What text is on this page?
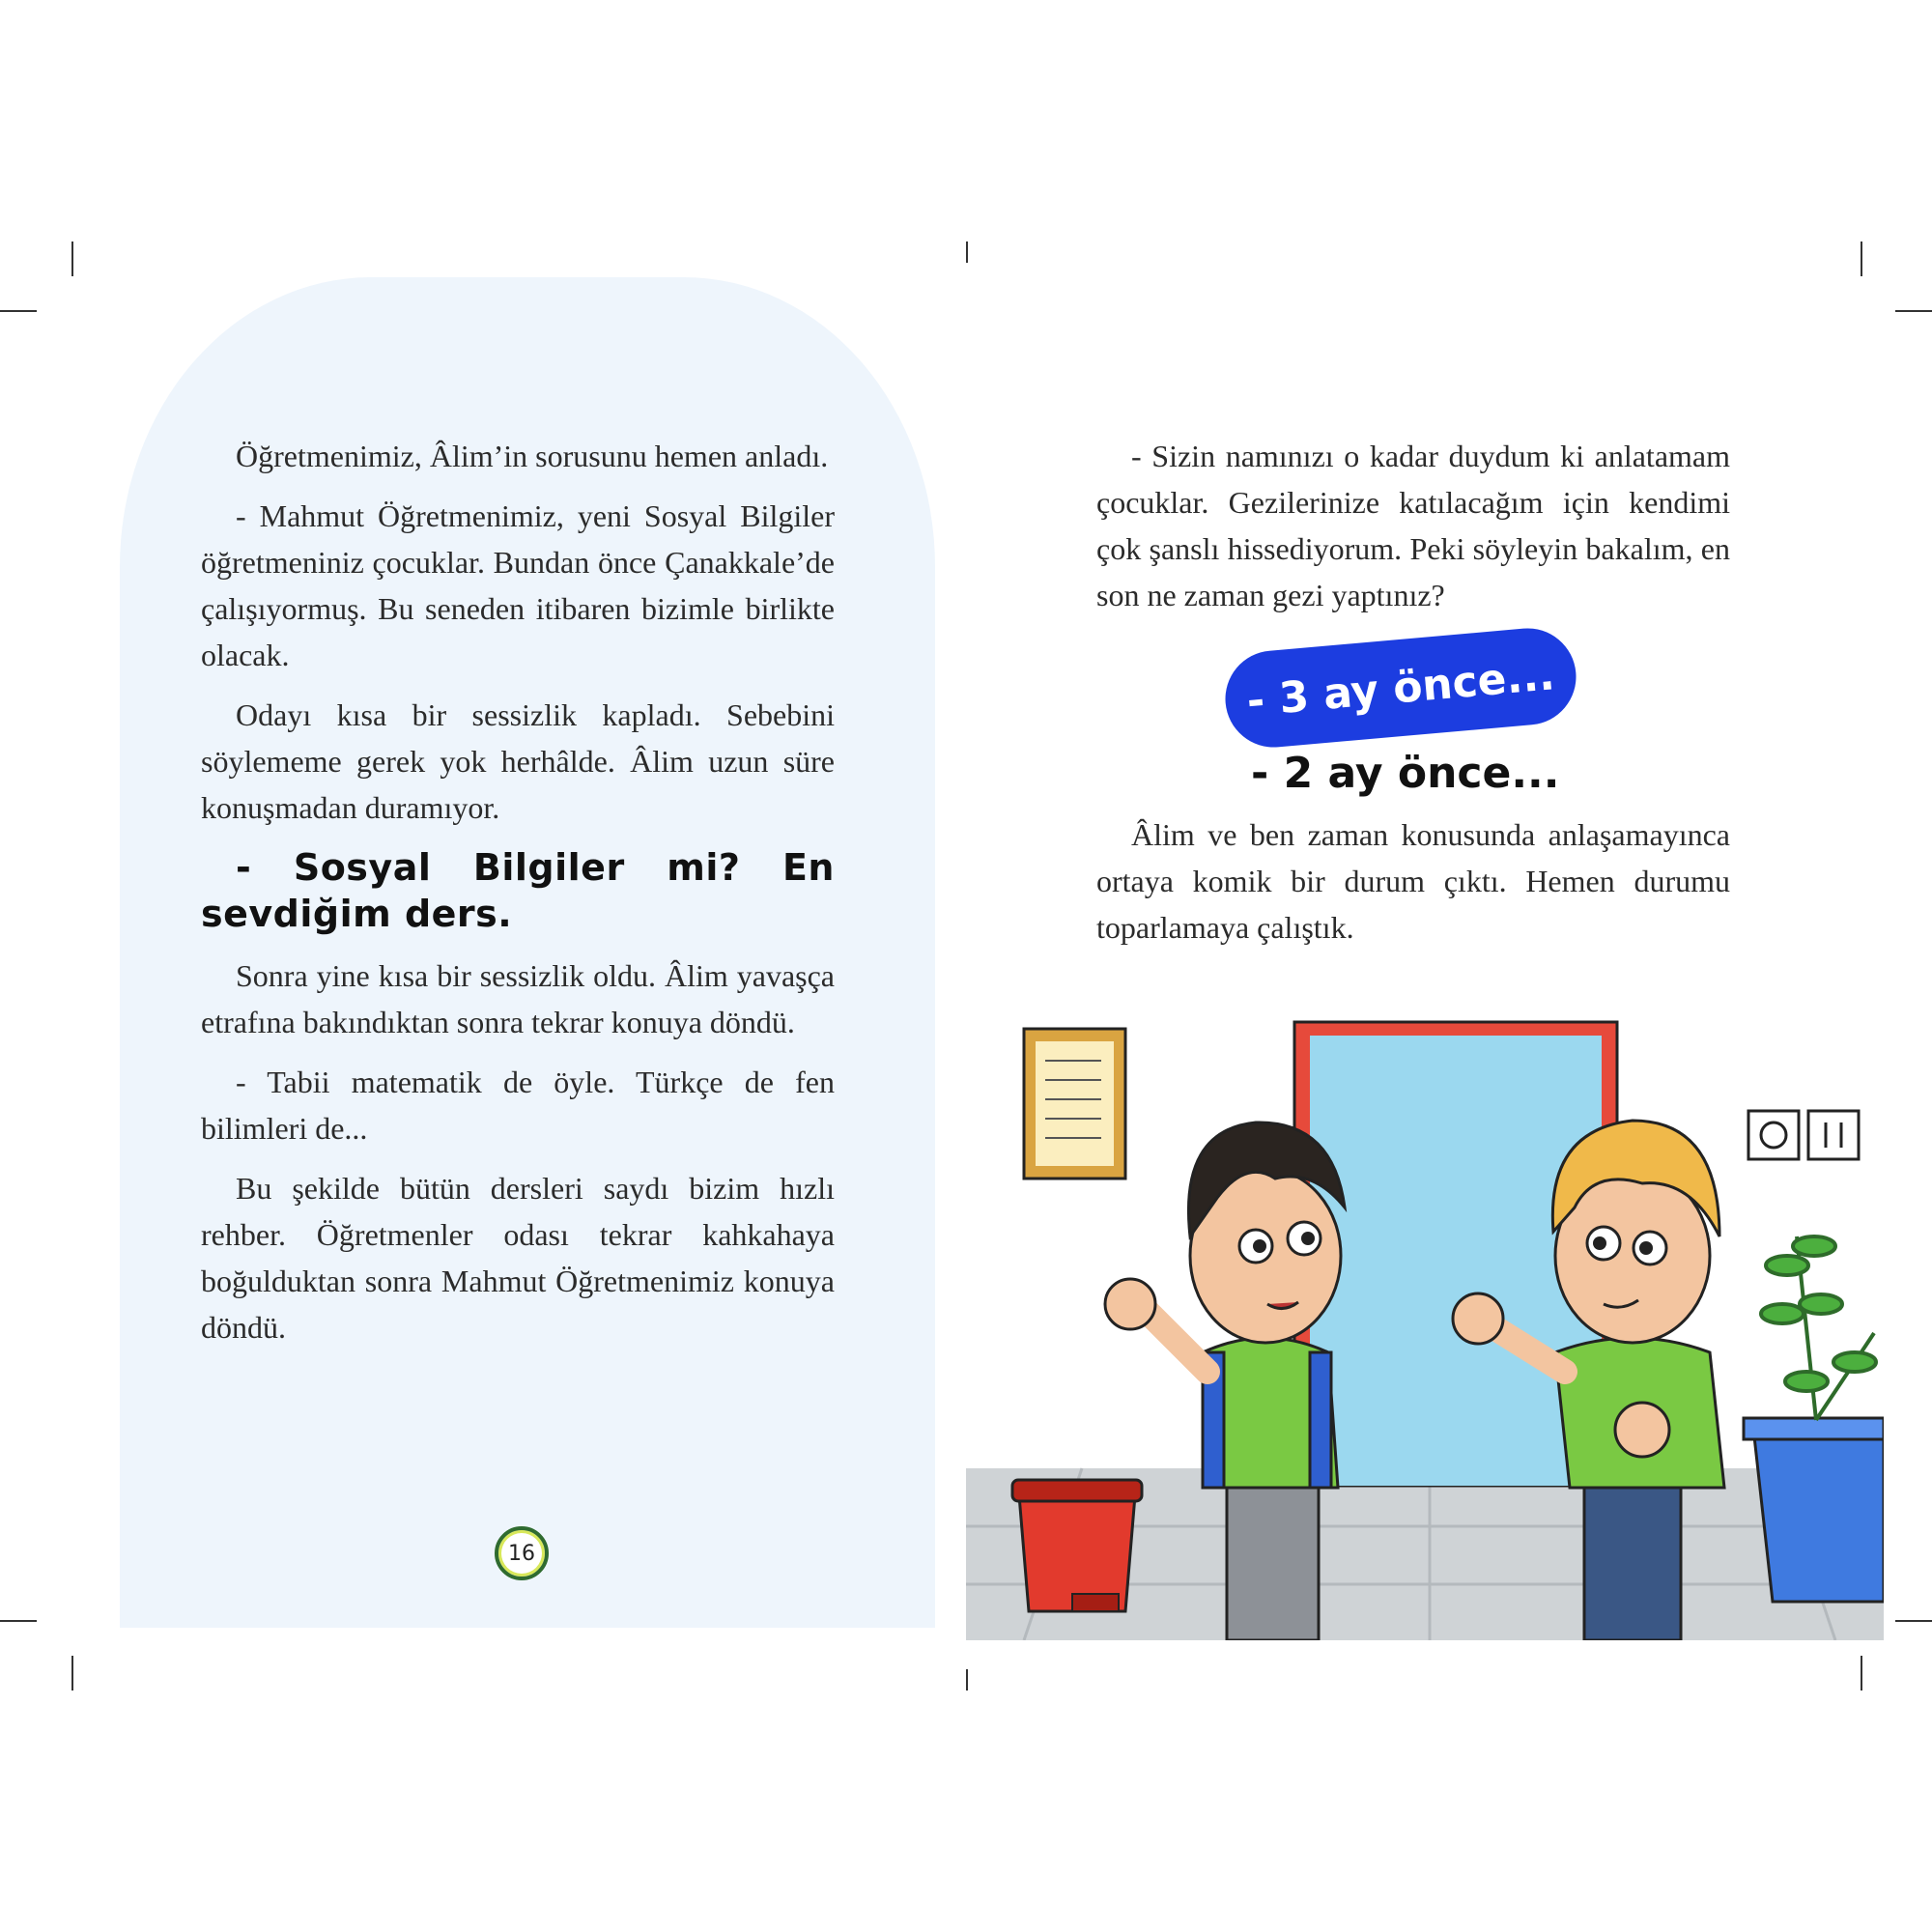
Öğretmenimiz, Âlim’in sorusunu hemen anladı.

- Mahmut Öğretmenimiz, yeni Sosyal Bilgiler öğretmeniniz çocuklar. Bundan önce Çanakkale’de çalışıyormuş. Bu seneden itibaren bizimle birlikte olacak.

Odayı kısa bir sessizlik kapladı. Sebebini söylememe gerek yok herhâlde. Âlim uzun süre konuşmadan duramıyor.

- Sosyal Bilgiler mi? En sevdiğim ders.

Sonra yine kısa bir sessizlik oldu. Âlim yavaşça etrafına bakındıktan sonra tekrar konuya döndü.

- Tabii matematik de öyle. Türkçe de fen bilimleri de...

Bu şekilde bütün dersleri saydı bizim hızlı rehber. Öğretmenler odası tekrar kahkahaya boğulduktan sonra Mahmut Öğretmenimiz konuya döndü.

16

- Sizin namınızı o kadar duydum ki anlatamam çocuklar. Gezilerinize katılacağım için kendimi çok şanslı hissediyorum. Peki söyleyin bakalım, en son ne zaman gezi yaptınız?

- 3 ay önce...
- 2 ay önce...

Âlim ve ben zaman konusunda anlaşamayınca ortaya komik bir durum çıktı. Hemen durumu toparlamaya çalıştık.
